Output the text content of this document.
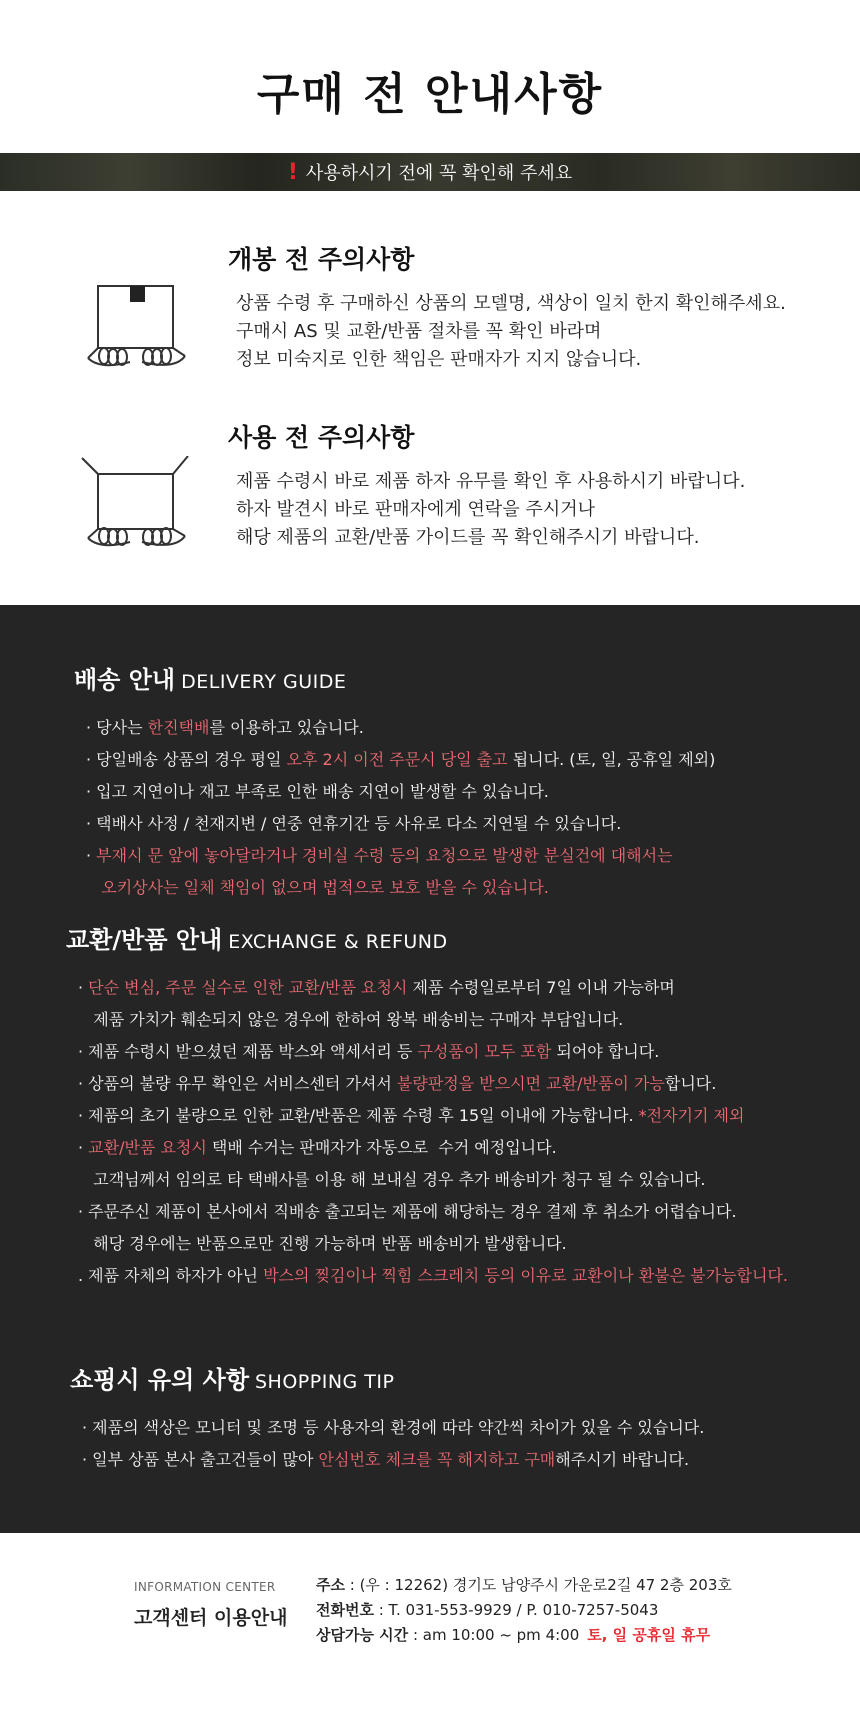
구매 전 안내사항
! 사용하시기 전에 꼭 확인해 주세요
개봉 전 주의사항
상품 수령 후 구매하신 상품의 모델명, 색상이 일치 한지 확인해주세요.
구매시 AS 및 교환/반품 절차를 꼭 확인 바라며
정보 미숙지로 인한 책임은 판매자가 지지 않습니다.
사용 전 주의사항
제품 수령시 바로 제품 하자 유무를 확인 후 사용하시기 바랍니다.
하자 발견시 바로 판매자에게 연락을 주시거나
해당 제품의 교환/반품 가이드를 꼭 확인해주시기 바랍니다.
배송 안내 DELIVERY GUIDE
· 당사는 한진택배를 이용하고 있습니다.
· 당일배송 상품의 경우 평일 오후 2시 이전 주문시 당일 출고 됩니다. (토, 일, 공휴일 제외)
· 입고 지연이나 재고 부족로 인한 배송 지연이 발생할 수 있습니다.
· 택배사 사정 / 천재지변 / 연중 연휴기간 등 사유로 다소 지연될 수 있습니다.
· 부재시 문 앞에 놓아달라거나 경비실 수령 등의 요청으로 발생한 분실건에 대해서는
오키상사는 일체 책임이 없으며 법적으로 보호 받을 수 있습니다.
교환/반품 안내 EXCHANGE & REFUND
· 단순 변심, 주문 실수로 인한 교환/반품 요청시 제품 수령일로부터 7일 이내 가능하며
제품 가치가 훼손되지 않은 경우에 한하여 왕복 배송비는 구매자 부담입니다.
· 제품 수령시 받으셨던 제품 박스와 액세서리 등 구성품이 모두 포함 되어야 합니다.
· 상품의 불량 유무 확인은 서비스센터 가셔서 불량판정을 받으시면 교환/반품이 가능합니다.
· 제품의 초기 불량으로 인한 교환/반품은 제품 수령 후 15일 이내에 가능합니다. *전자기기 제외
· 교환/반품 요청시 택배 수거는 판매자가 자동으로  수거 예정입니다.
고객님께서 임의로 타 택배사를 이용 해 보내실 경우 추가 배송비가 청구 될 수 있습니다.
· 주문주신 제품이 본사에서 직배송 출고되는 제품에 해당하는 경우 결제 후 취소가 어렵습니다.
해당 경우에는 반품으로만 진행 가능하며 반품 배송비가 발생합니다.
. 제품 자체의 하자가 아닌 박스의 찢김이나 찍힘 스크레치 등의 이유로 교환이나 환불은 불가능합니다.
쇼핑시 유의 사항 SHOPPING TIP
· 제품의 색상은 모니터 및 조명 등 사용자의 환경에 따라 약간씩 차이가 있을 수 있습니다.
· 일부 상품 본사 출고건들이 많아 안심번호 체크를 꼭 해지하고 구매해주시기 바랍니다.
INFORMATION CENTER
고객센터 이용안내
주소 : (우 : 12262) 경기도 남양주시 가운로2길 47 2층 203호
전화번호 : T. 031-553-9929 / P. 010-7257-5043
상담가능 시간 : am 10:00 ~ pm 4:00 토, 일 공휴일 휴무
